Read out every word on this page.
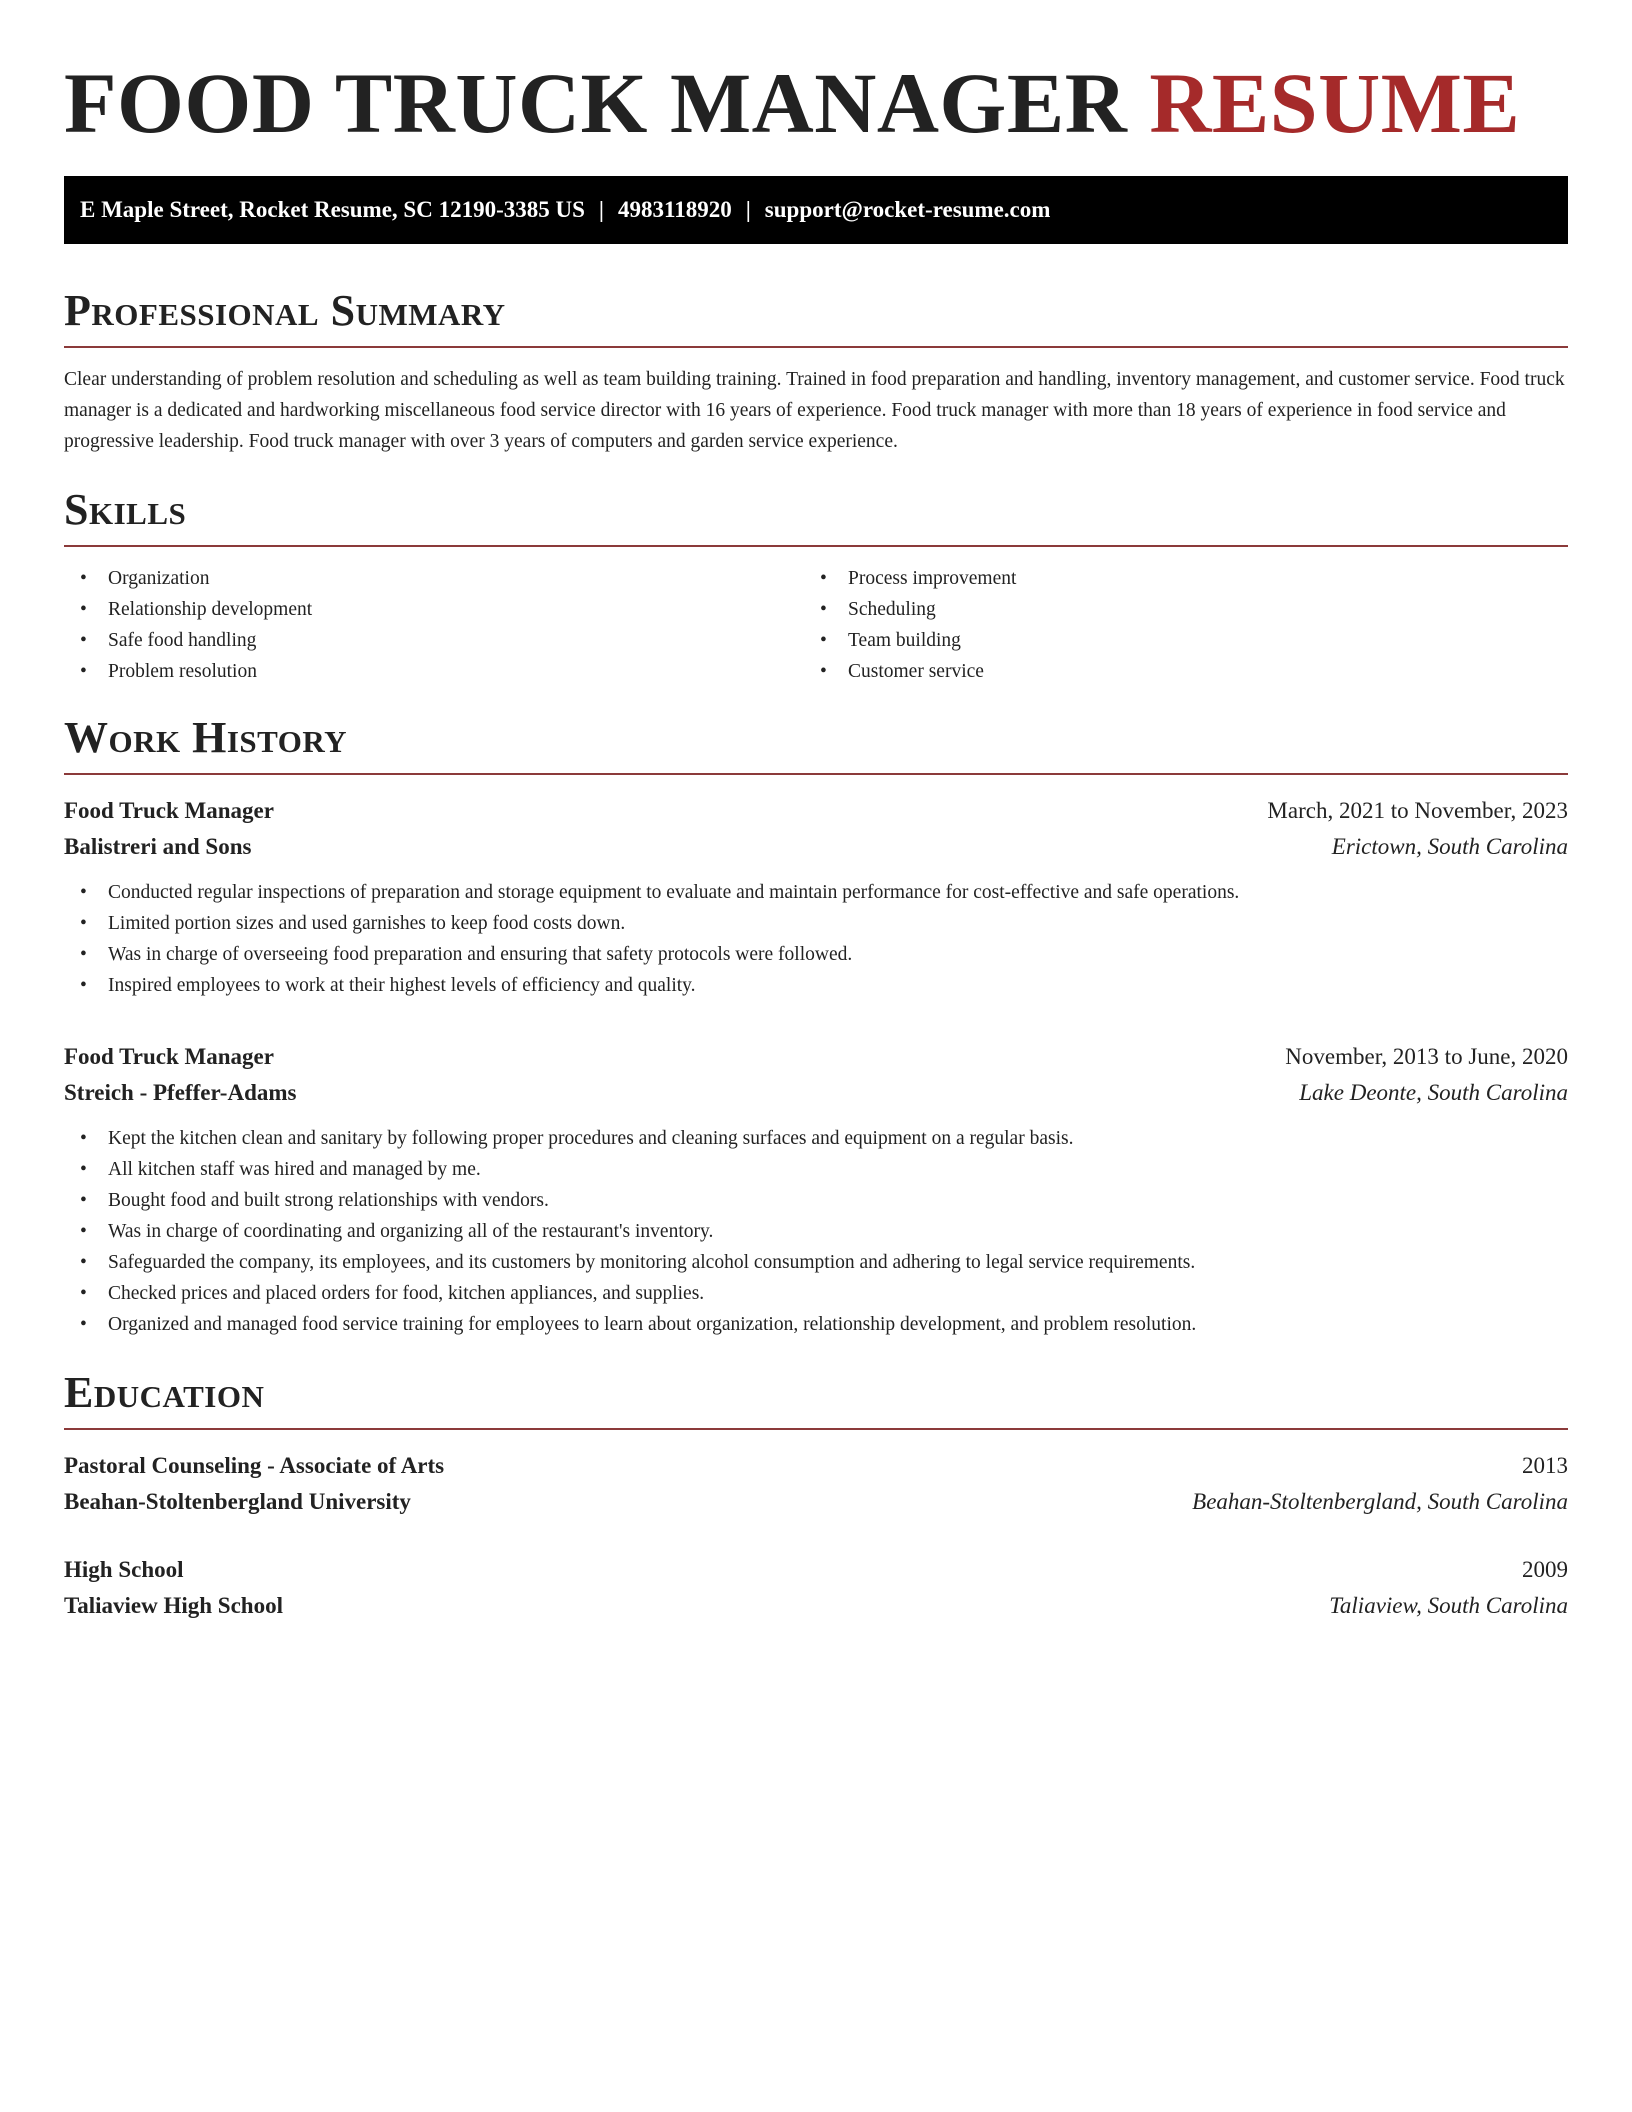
FOOD TRUCK MANAGER RESUME
E Maple Street, Rocket Resume, SC 12190-3385 US | 4983118920 | support@rocket-resume.com
Professional Summary

Clear understanding of problem resolution and scheduling as well as team building training. Trained in food preparation and handling, inventory management, and customer service. Food truck manager is a dedicated and hardworking miscellaneous food service director with 16 years of experience. Food truck manager with more than 18 years of experience in food service and progressive leadership. Food truck manager with over 3 years of computers and garden service experience.

Skills
• Organization
• Relationship development
• Safe food handling
• Problem resolution
• Process improvement
• Scheduling
• Team building
• Customer service
Work History
Food Truck Manager	March, 2021 to November, 2023
Balistreri and Sons	Erictown, South Carolina
• Conducted regular inspections of preparation and storage equipment to evaluate and maintain performance for cost-effective and safe operations.
• Limited portion sizes and used garnishes to keep food costs down.
• Was in charge of overseeing food preparation and ensuring that safety protocols were followed.
• Inspired employees to work at their highest levels of efficiency and quality.
Food Truck Manager	November, 2013 to June, 2020
Streich - Pfeffer-Adams	Lake Deonte, South Carolina
• Kept the kitchen clean and sanitary by following proper procedures and cleaning surfaces and equipment on a regular basis.
• All kitchen staff was hired and managed by me.
• Bought food and built strong relationships with vendors.
• Was in charge of coordinating and organizing all of the restaurant's inventory.
• Safeguarded the company, its employees, and its customers by monitoring alcohol consumption and adhering to legal service requirements.
• Checked prices and placed orders for food, kitchen appliances, and supplies.
• Organized and managed food service training for employees to learn about organization, relationship development, and problem resolution.
Education
Pastoral Counseling - Associate of Arts	2013
Beahan-Stoltenbergland University	Beahan-Stoltenbergland, South Carolina
High School	2009
Taliaview High School	Taliaview, South Carolina
